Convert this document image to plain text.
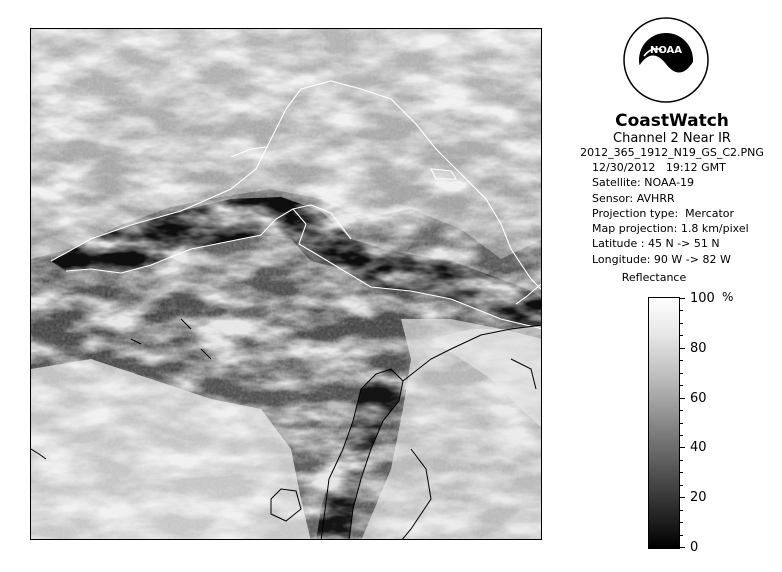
NOAA
CoastWatch
Channel 2 Near IR
2012_365_1912_N19_GS_C2.PNG
12/30/2012   19:12 GMT
Satellite: NOAA-19
Sensor: AVHRR
Projection type:  Mercator
Map projection: 1.8 km/pixel
Latitude : 45 N -> 51 N
Longitude: 90 W -> 82 W
Reflectance
%
100
80
60
40
20
0
